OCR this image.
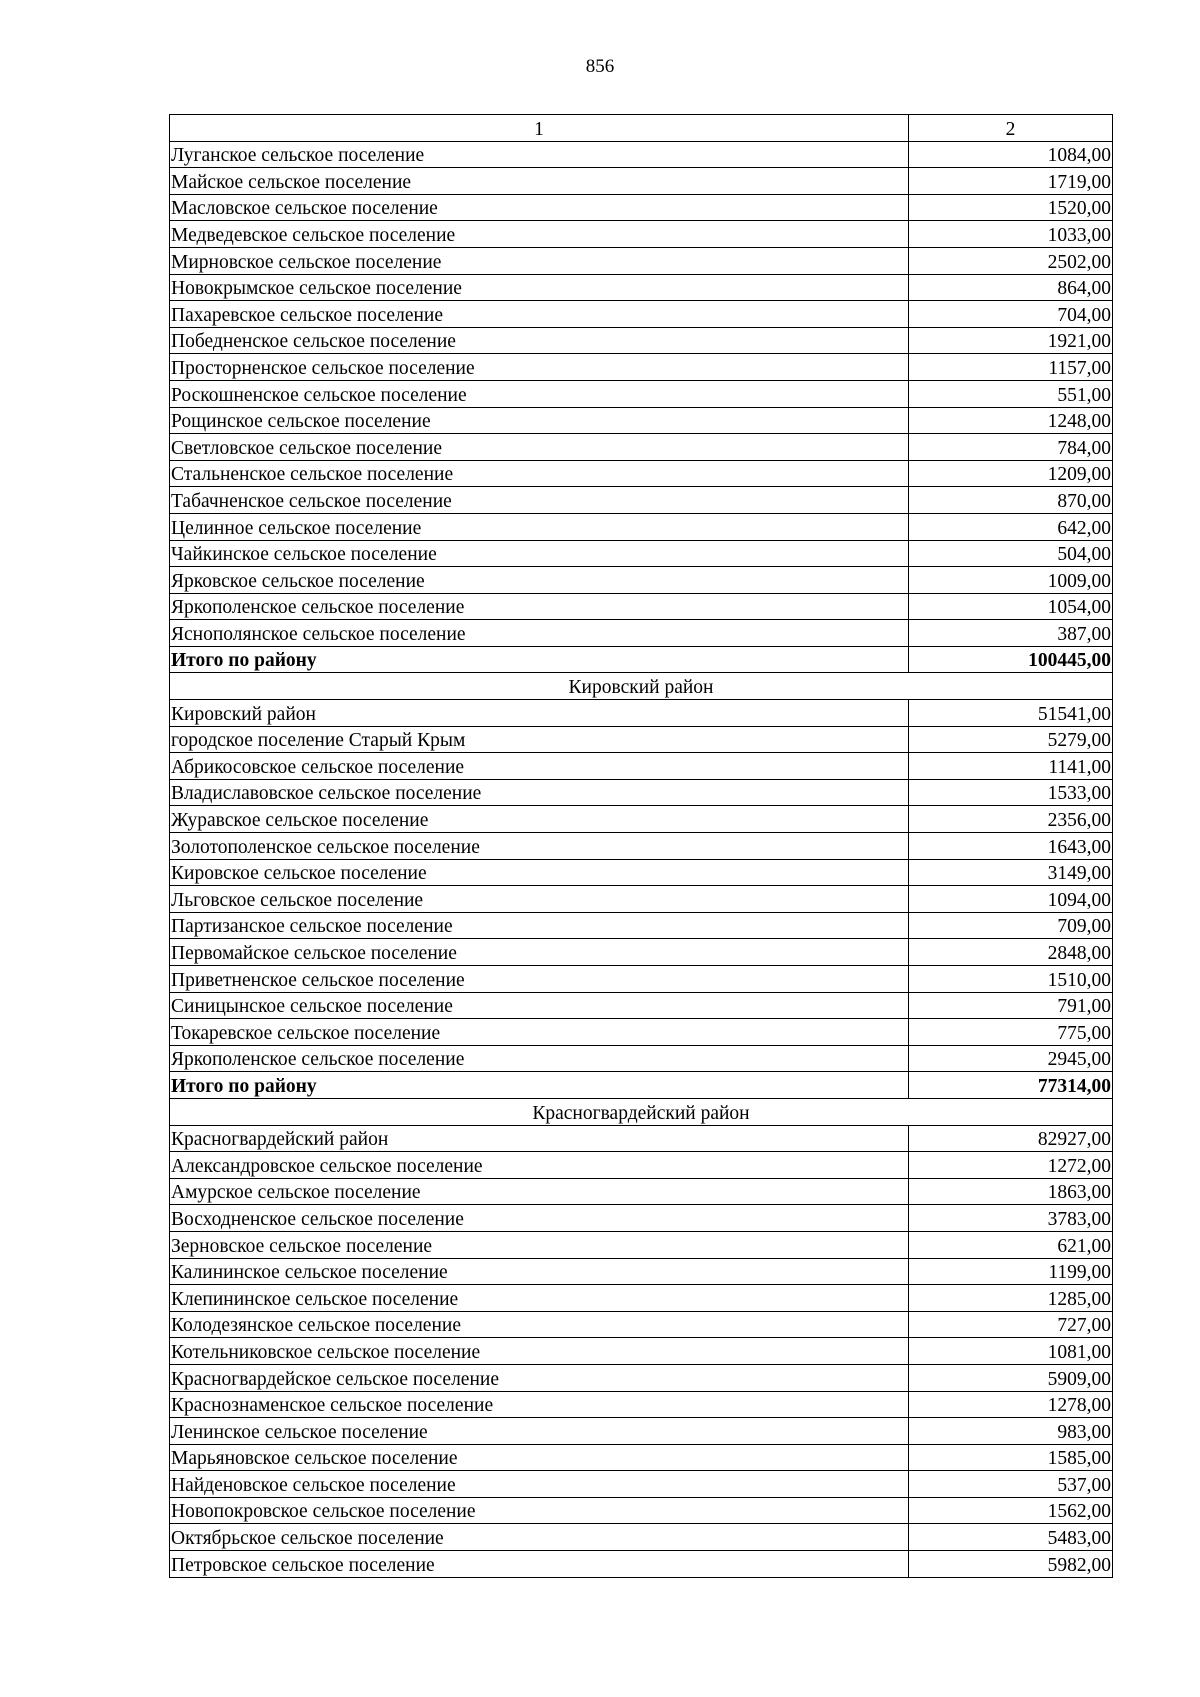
856
1	2
Луганское сельское поселение	1084,00
Майское сельское поселение	1719,00
Масловское сельское поселение	1520,00
Медведевское сельское поселение	1033,00
Мирновское сельское поселение	2502,00
Новокрымское сельское поселение	864,00
Пахаревское сельское поселение	704,00
Победненское сельское поселение	1921,00
Просторненское сельское поселение	1157,00
Роскошненское сельское поселение	551,00
Рощинское сельское поселение	1248,00
Светловское сельское поселение	784,00
Стальненское сельское поселение	1209,00
Табачненское сельское поселение	870,00
Целинное сельское поселение	642,00
Чайкинское сельское поселение	504,00
Ярковское сельское поселение	1009,00
Яркополенское сельское поселение	1054,00
Яснополянское сельское поселение	387,00
Итого по району	100445,00
Кировский район	
Кировский район	51541,00
городское поселение Старый Крым	5279,00
Абрикосовское сельское поселение	1141,00
Владиславовское сельское поселение	1533,00
Журавское сельское поселение	2356,00
Золотополенское сельское поселение	1643,00
Кировское сельское поселение	3149,00
Льговское сельское поселение	1094,00
Партизанское сельское поселение	709,00
Первомайское сельское поселение	2848,00
Приветненское сельское поселение	1510,00
Синицынское сельское поселение	791,00
Токаревское сельское поселение	775,00
Яркополенское сельское поселение	2945,00
Итого по району	77314,00
Красногвардейский район	
Красногвардейский район	82927,00
Александровское сельское поселение	1272,00
Амурское сельское поселение	1863,00
Восходненское сельское поселение	3783,00
Зерновское сельское поселение	621,00
Калининское сельское поселение	1199,00
Клепининское сельское поселение	1285,00
Колодезянское сельское поселение	727,00
Котельниковское сельское поселение	1081,00
Красногвардейское сельское поселение	5909,00
Краснознаменское сельское поселение	1278,00
Ленинское сельское поселение	983,00
Марьяновское сельское поселение	1585,00
Найденовское сельское поселение	537,00
Новопокровское сельское поселение	1562,00
Октябрьское сельское поселение	5483,00
Петровское сельское поселение	5982,00
